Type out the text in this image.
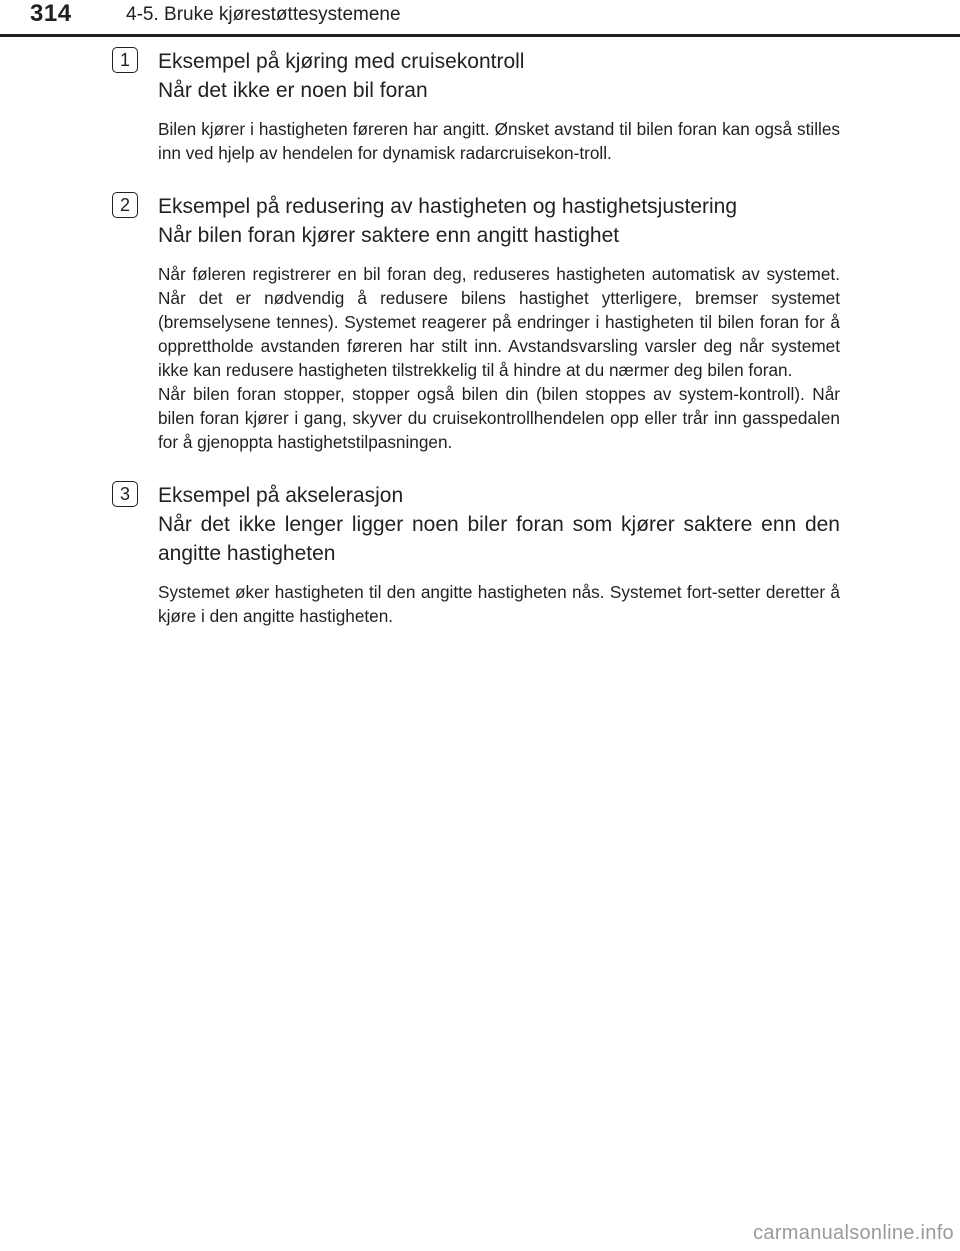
314	4-5. Bruke kjørestøttesystemene
1	Eksempel på kjøring med cruisekontroll
Når det ikke er noen bil foran

Bilen kjører i hastigheten føreren har angitt. Ønsket avstand til bilen foran kan også stilles inn ved hjelp av hendelen for dynamisk radarcruisekon-troll.

2	Eksempel på redusering av hastigheten og hastighetsjustering
Når bilen foran kjører saktere enn angitt hastighet

Når føleren registrerer en bil foran deg, reduseres hastigheten automatisk av systemet. Når det er nødvendig å redusere bilens hastighet ytterligere, bremser systemet (bremselysene tennes). Systemet reagerer på endringer i hastigheten til bilen foran for å opprettholde avstanden føreren har stilt inn. Avstandsvarsling varsler deg når systemet ikke kan redusere hastigheten tilstrekkelig til å hindre at du nærmer deg bilen foran.

Når bilen foran stopper, stopper også bilen din (bilen stoppes av system-kontroll). Når bilen foran kjører i gang, skyver du cruisekontrollhendelen opp eller trår inn gasspedalen for å gjenoppta hastighetstilpasningen.

3	Eksempel på akselerasjon
Når det ikke lenger ligger noen biler foran som kjører saktere enn den angitte hastigheten

Systemet øker hastigheten til den angitte hastigheten nås. Systemet fort-setter deretter å kjøre i den angitte hastigheten.

carmanualsonline.info
